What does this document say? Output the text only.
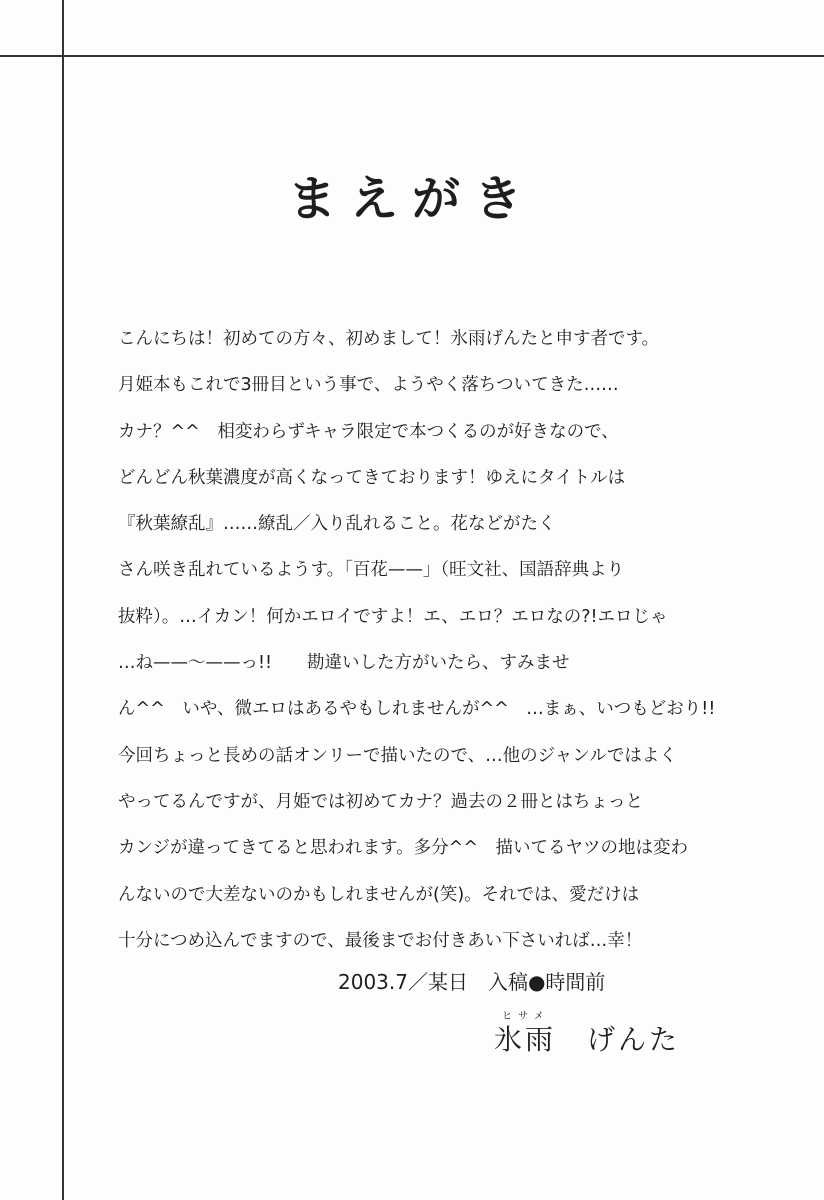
まえがき
こんにちは！初めての方々、初めまして！氷雨げんたと申す者です。
月姫本もこれで3冊目という事で、ようやく落ちついてきた……
カナ？^^　相変わらずキャラ限定で本つくるのが好きなので、
どんどん秋葉濃度が高くなってきております！ゆえにタイトルは
『秋葉繚乱』……繚乱／入り乱れること。花などがたく
さん咲き乱れているようす。「百花——」（旺文社、国語辞典より
抜粋）。…イカン！何かエロイですよ！エ、エロ？エロなの?!エロじゃ
…ね——〜——っ!!　　勘違いした方がいたら、すみませ
ん^^　いや、微エロはあるやもしれませんが^^　…まぁ、いつもどおり!!
今回ちょっと長めの話オンリーで描いたので、…他のジャンルではよく
やってるんですが、月姫では初めてカナ？過去の２冊とはちょっと
カンジが違ってきてると思われます。多分^^　描いてるヤツの地は変わ
んないので大差ないのかもしれませんが(笑)。それでは、愛だけは
十分につめ込んでますので、最後までお付きあい下さいれば…幸！
2003.7／某日　入稿●時間前
ヒサメ
氷雨　げんた
